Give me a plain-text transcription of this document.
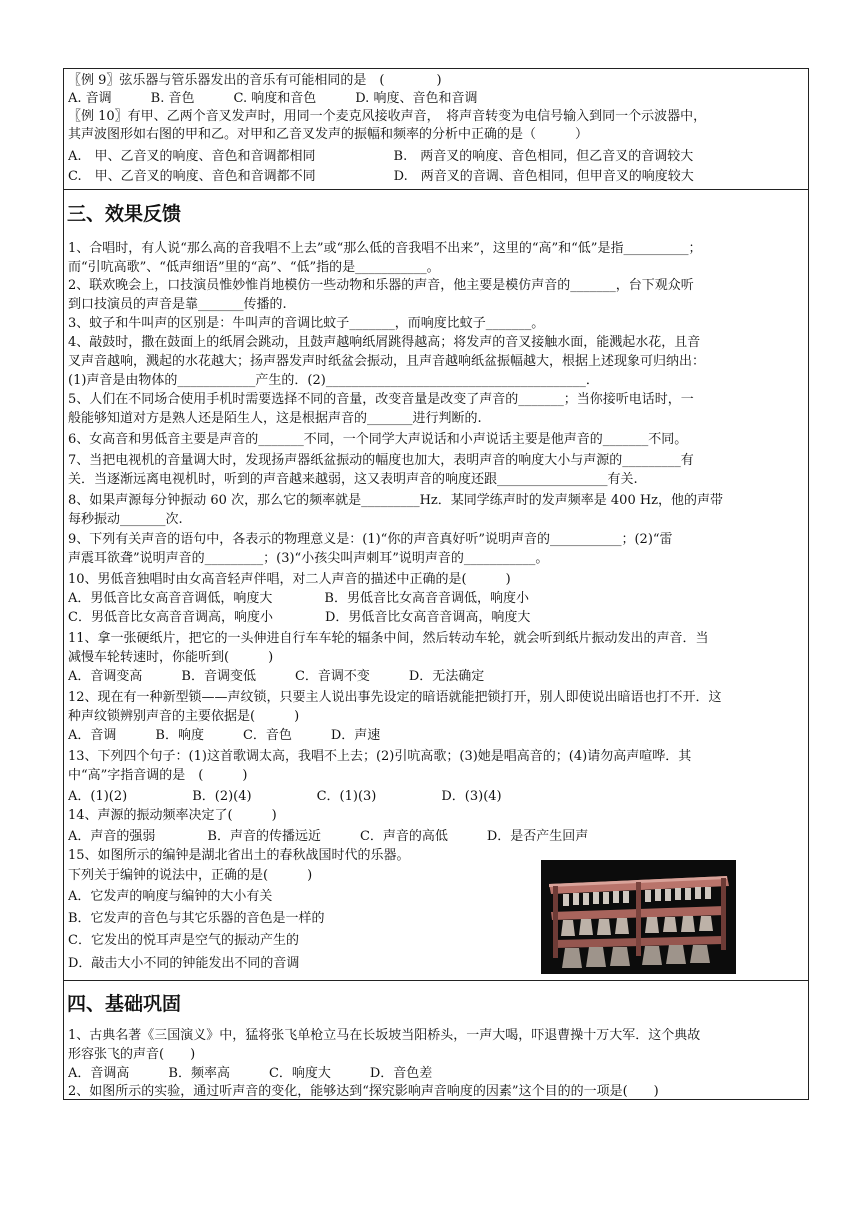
〖例 9〗弦乐器与管乐器发出的音乐有可能相同的是　(　　　　)
A. 音调　　　B. 音色　　　C. 响度和音色　　　D. 响度、音色和音调
〖例 10〗有甲、乙两个音叉发声时，用同一个麦克风接收声音，　将声音转变为电信号输入到同一个示波器中，
其声波图形如右图的甲和乙。对甲和乙音叉发声的振幅和频率的分析中正确的是（　　　）
A.　甲、乙音叉的响度、音色和音调都相同　　　　　　B.　两音叉的响度、音色相同，但乙音叉的音调较大
C.　甲、乙音叉的响度、音色和音调都不同　　　　　　D.　两音叉的音调、音色相同，但甲音叉的响度较大
三、效果反馈
1、合唱时，有人说“那么高的音我唱不上去”或“那么低的音我唱不出来”，这里的“高”和“低”是指__________；
而“引吭高歌”、“低声细语”里的“高”、“低”指的是___________。
2、联欢晚会上，口技演员惟妙惟肖地模仿一些动物和乐器的声音，他主要是模仿声音的_______，台下观众听
到口技演员的声音是靠_______传播的.
3、蚊子和牛叫声的区别是：牛叫声的音调比蚊子_______，而响度比蚊子_______。
4、敲鼓时，撒在鼓面上的纸屑会跳动，且鼓声越响纸屑跳得越高；将发声的音叉接触水面，能溅起水花，且音
叉声音越响，溅起的水花越大；扬声器发声时纸盆会振动，且声音越响纸盆振幅越大，根据上述现象可归纳出：
(1)声音是由物体的____________产生的．(2)________________________________________．
5、人们在不同场合使用手机时需要选择不同的音量，改变音量是改变了声音的_______；当你接听电话时，一
般能够知道对方是熟人还是陌生人，这是根据声音的_______进行判断的.
6、女高音和男低音主要是声音的_______不同，一个同学大声说话和小声说话主要是他声音的_______不同。
7、当把电视机的音量调大时，发现扬声器纸盆振动的幅度也加大，表明声音的响度大小与声源的_________有
关．当逐渐远离电视机时，听到的声音越来越弱，这又表明声音的响度还跟_________________有关.
8、如果声源每分钟振动 60 次，那么它的频率就是_________Hz．某同学练声时的发声频率是 400 Hz，他的声带
每秒振动_______次.
9、下列有关声音的语句中，各表示的物理意义是：(1)“你的声音真好听”说明声音的___________；(2)“雷
声震耳欲聋”说明声音的_________；(3)“小孩尖叫声刺耳”说明声音的___________。
10、男低音独唱时由女高音轻声伴唱，对二人声音的描述中正确的是(　　　)
A．男低音比女高音音调低，响度大　　　　B．男低音比女高音音调低，响度小
C．男低音比女高音音调高，响度小　　　　D．男低音比女高音音调高，响度大
11、拿一张硬纸片，把它的一头伸进自行车车轮的辐条中间，然后转动车轮，就会听到纸片振动发出的声音．当
减慢车轮转速时，你能听到(　　　)
A．音调变高　　　B．音调变低　　　C．音调不变　　　D．无法确定
12、现在有一种新型锁——声纹锁，只要主人说出事先设定的暗语就能把锁打开，别人即使说出暗语也打不开．这
种声纹锁辨别声音的主要依据是(　　　)
A．音调　　　B．响度　　　C．音色　　　D．声速
13、下列四个句子：(1)这首歌调太高，我唱不上去；(2)引吭高歌；(3)她是唱高音的；(4)请勿高声喧哗．其
中“高”字指音调的是　(　　　)
A．(1)(2)　　　　　B．(2)(4)　　　　　C．(1)(3)　　　　　D．(3)(4)
14、声源的振动频率决定了(　　　)
A．声音的强弱　　　　B．声音的传播远近　　　C．声音的高低　　　D．是否产生回声
15、如图所示的编钟是湖北省出土的春秋战国时代的乐器。
下列关于编钟的说法中，正确的是(　　　)
A．它发声的响度与编钟的大小有关
B．它发声的音色与其它乐器的音色是一样的
C．它发出的悦耳声是空气的振动产生的
D．敲击大小不同的钟能发出不同的音调
四、基础巩固
1、古典名著《三国演义》中，猛将张飞单枪立马在长坂坡当阳桥头，一声大喝，吓退曹操十万大军．这个典故
形容张飞的声音(　　)
A．音调高　　　B．频率高　　　C．响度大　　　D．音色差
2、如图所示的实验，通过听声音的变化，能够达到“探究影响声音响度的因素”这个目的的一项是(　　)
